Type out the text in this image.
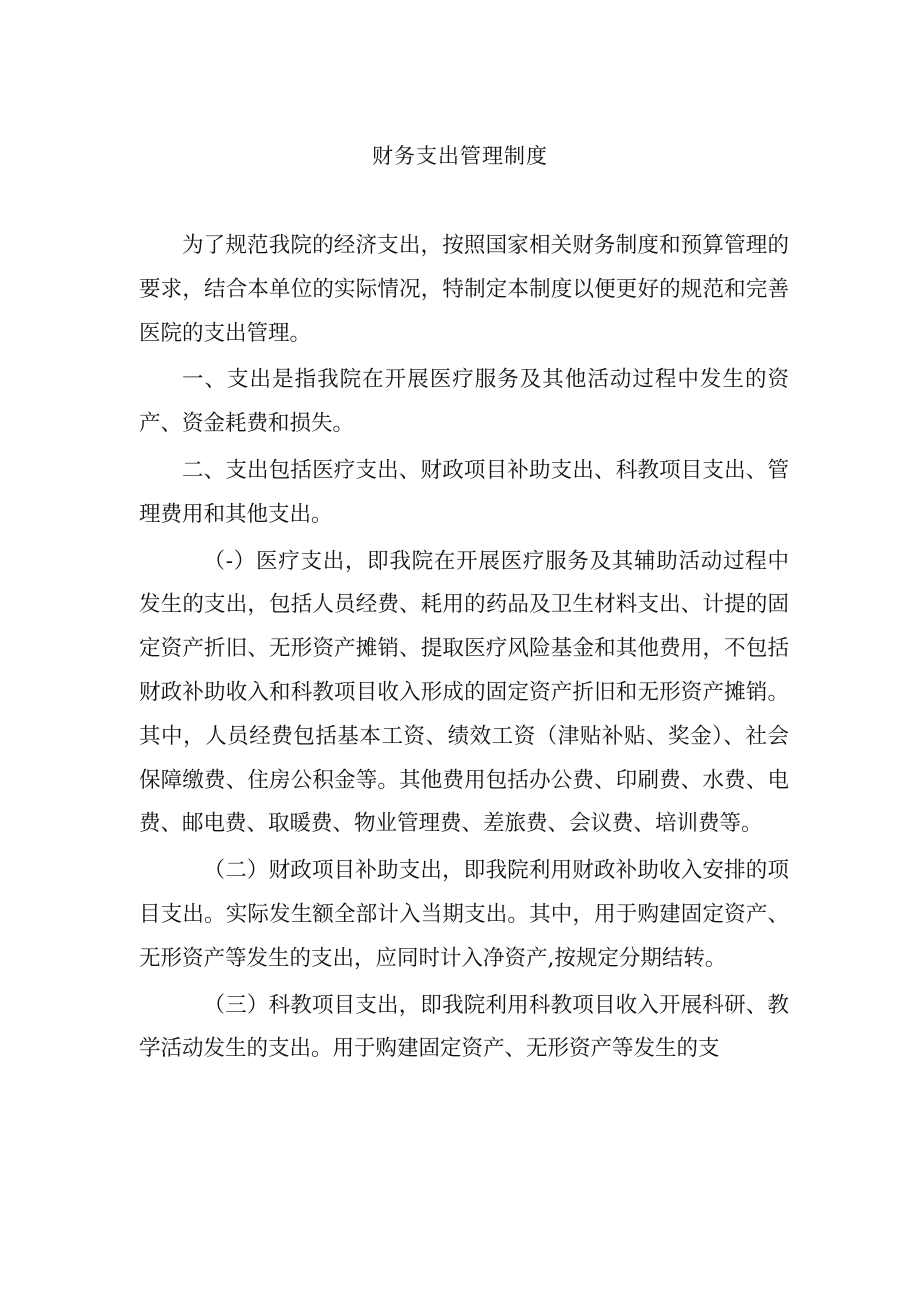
财务支出管理制度

为了规范我院的经济支出，按照国家相关财务制度和预算管理的要求，结合本单位的实际情况，特制定本制度以便更好的规范和完善医院的支出管理。

一、支出是指我院在开展医疗服务及其他活动过程中发生的资产、资金耗费和损失。

二、支出包括医疗支出、财政项目补助支出、科教项目支出、管理费用和其他支出。

（-）医疗支出，即我院在开展医疗服务及其辅助活动过程中发生的支出，包括人员经费、耗用的药品及卫生材料支出、计提的固定资产折旧、无形资产摊销、提取医疗风险基金和其他费用，不包括财政补助收入和科教项目收入形成的固定资产折旧和无形资产摊销。其中，人员经费包括基本工资、绩效工资（津贴补贴、奖金）、社会保障缴费、住房公积金等。其他费用包括办公费、印刷费、水费、电费、邮电费、取暖费、物业管理费、差旅费、会议费、培训费等。

（二）财政项目补助支出，即我院利用财政补助收入安排的项目支出。实际发生额全部计入当期支出。其中，用于购建固定资产、无形资产等发生的支出，应同时计入净资产,按规定分期结转。

（三）科教项目支出，即我院利用科教项目收入开展科研、教学活动发生的支出。用于购建固定资产、无形资产等发生的支
